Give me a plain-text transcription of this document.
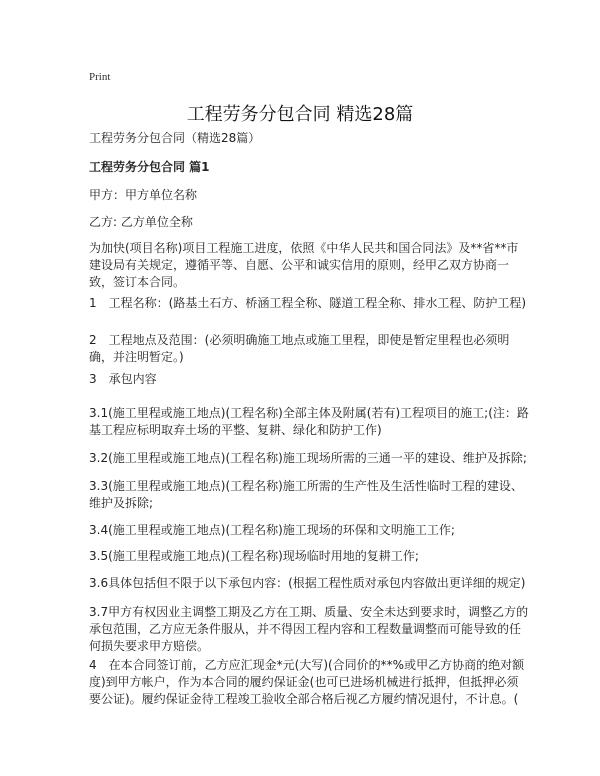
Print
工程劳务分包合同 精选28篇

工程劳务分包合同（精选28篇）

工程劳务分包合同 篇1

甲方：甲方单位名称

乙方: 乙方单位全称

为加快(项目名称)项目工程施工进度，依照《中华人民共和国合同法》及**省**市建设局有关规定，遵循平等、自愿、公平和诚实信用的原则，经甲乙双方协商一致，签订本合同。

1　工程名称：(路基土石方、桥涵工程全称、隧道工程全称、排水工程、防护工程)

2　工程地点及范围：(必须明确施工地点或施工里程，即使是暂定里程也必须明确，并注明暂定。)

3　承包内容

3.1(施工里程或施工地点)(工程名称)全部主体及附属(若有)工程项目的施工;(注：路基工程应标明取弃土场的平整、复耕、绿化和防护工作)

3.2(施工里程或施工地点)(工程名称)施工现场所需的三通一平的建设、维护及拆除;

3.3(施工里程或施工地点)(工程名称)施工所需的生产性及生活性临时工程的建设、维护及拆除;

3.4(施工里程或施工地点)(工程名称)施工现场的环保和文明施工工作;

3.5(施工里程或施工地点)(工程名称)现场临时用地的复耕工作;

3.6具体包括但不限于以下承包内容：(根据工程性质对承包内容做出更详细的规定)

3.7甲方有权因业主调整工期及乙方在工期、质量、安全未达到要求时，调整乙方的承包范围，乙方应无条件服从，并不得因工程内容和工程数量调整而可能导致的任何损失要求甲方赔偿。

4　在本合同签订前，乙方应汇现金*元(大写)(合同价的**%或甲乙方协商的绝对额度)到甲方帐户，作为本合同的履约保证金(也可已进场机械进行抵押，但抵押必须要公证)。履约保证金待工程竣工验收全部合格后视乙方履约情况退付，不计息。(
